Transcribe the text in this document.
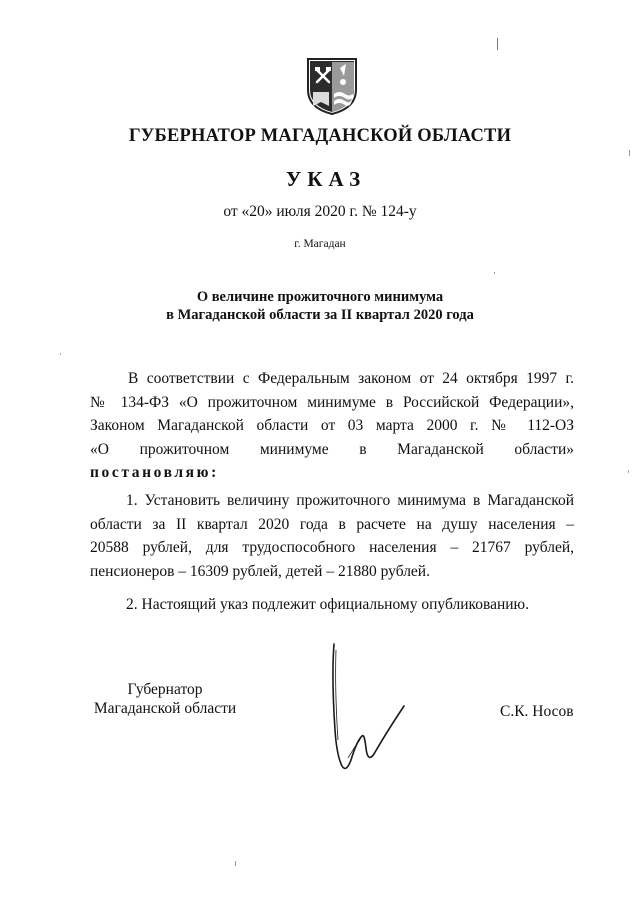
ГУБЕРНАТОР МАГАДАНСКОЙ ОБЛАСТИ
УКАЗ
от «20» июля 2020 г. № 124-у
г. Магадан
О величине прожиточного минимума
в Магаданской области за II квартал 2020 года
В соответствии с Федеральным законом от 24 октября 1997 г.
№ 134-ФЗ «О прожиточном минимуме в Российской Федерации»,
Законом Магаданской области от 03 марта 2000 г. № 112-ОЗ
«О прожиточном минимуме в Магаданской области»
постановляю:
1. Установить величину прожиточного минимума в Магаданской
области за II квартал 2020 года в расчете на душу населения –
20588 рублей, для трудоспособного населения – 21767 рублей,
пенсионеров – 16309 рублей, детей – 21880 рублей.
2. Настоящий указ подлежит официальному опубликованию.
Губернатор
Магаданской области	С.К. Носов
